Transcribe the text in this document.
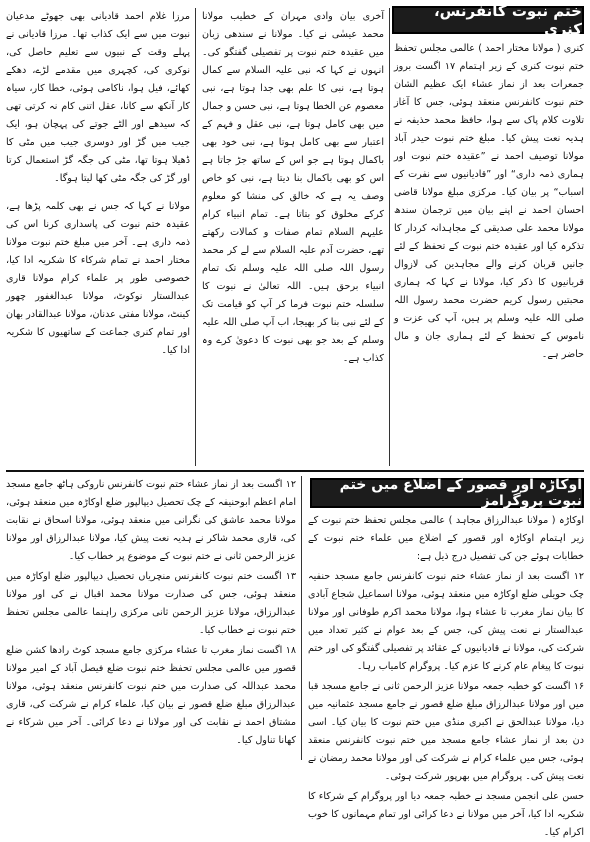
ختم نبوت کانفرنس، کنری

کنری ( مولانا مختار احمد ) عالمی مجلس تحفظ ختم نبوت کنری کے زیر اہتمام ۱۷ اگست بروز جمعرات بعد از نماز عشاء ایک عظیم الشان ختم نبوت کانفرنس منعقد ہوئی، جس کا آغاز تلاوت کلام پاک سے ہوا، حافظ محمد حذیفہ نے ہدیہ نعت پیش کیا۔ مبلغ ختم نبوت حیدر آباد مولانا توصیف احمد نے ”عقیدہ ختم نبوت اور ہماری ذمہ داری“ اور ”قادیانیوں سے نفرت کے اسباب“ پر بیان کیا۔ مرکزی مبلغ مولانا قاضی احسان احمد نے اپنے بیان میں ترجمان سندھ مولانا محمد علی صدیقی کے مجاہدانہ کردار کا تذکرہ کیا اور عقیدہ ختم نبوت کے تحفظ کے لئے جانیں قربان کرنے والے مجاہدین کی لازوال قربانیوں کا ذکر کیا، مولانا نے کہا کہ ہماری محبتیں رسول کریم حضرت محمد رسول اللہ صلی اللہ علیہ وسلم پر ہیں، آپ کی عزت و ناموس کے تحفظ کے لئے ہماری جان و مال حاضر ہے۔

آخری بیان وادی مہران کے خطیب مولانا محمد عیسٰی نے کیا۔ مولانا نے سندھی زبان میں عقیدہ ختم نبوت پر تفصیلی گفتگو کی۔ انہوں نے کہا کہ نبی علیہ السلام سے کمال ہوتا ہے، نبی کا علم بھی جدا ہوتا ہے، نبی معصوم عن الخطا ہوتا ہے، نبی حسن و جمال میں بھی کامل ہوتا ہے، نبی عقل و فہم کے اعتبار سے بھی کامل ہوتا ہے، نبی خود بھی باکمال ہوتا ہے جو اس کے ساتھ جڑ جاتا ہے اس کو بھی باکمال بنا دیتا ہے، نبی کو خاص وصف یہ ہے کہ خالق کی منشا کو معلوم کرکے مخلوق کو بتاتا ہے۔ تمام انبیاء کرام علیہم السلام تمام صفات و کمالات رکھتے تھے، حضرت آدم علیہ السلام سے لے کر محمد رسول اللہ صلی اللہ علیہ وسلم تک تمام انبیاء برحق ہیں۔ اللہ تعالیٰ نے نبوت کا سلسلہ ختم نبوت فرما کر آپ کو قیامت تک کے لئے نبی بنا کر بھیجا، اب آپ صلی اللہ علیہ وسلم کے بعد جو بھی نبوت کا دعویٰ کرے وہ کذاب ہے۔

مرزا غلام احمد قادیانی بھی جھوٹے مدعیان نبوت میں سے ایک کذاب تھا۔ مرزا قادیانی نے پہلے وقت کے نبیوں سے تعلیم حاصل کی، نوکری کی، کچہری میں مقدمے لڑے، دھکے کھائے، فیل ہوا، ناکامی ہوئی، خطا کار، سیاہ کار آنکھ سے کانا، عقل اتنی کام نہ کرتی تھی کہ سیدھے اور الٹے جوتے کی پہچان ہو، ایک جیب میں گڑ اور دوسری جیب میں مٹی کا ڈھیلا ہوتا تھا، مٹی کی جگہ گڑ استعمال کرتا اور گڑ کی جگہ مٹی کھا لیتا ہوگا۔

مولانا نے کہا کہ جس نے بھی کلمہ پڑھا ہے، عقیدہ ختم نبوت کی پاسداری کرنا اس کی ذمہ داری ہے۔ آخر میں مبلغ ختم نبوت مولانا مختار احمد نے تمام شرکاء کا شکریہ ادا کیا، خصوصی طور پر علماء کرام مولانا قاری عبدالستار نوکوٹ، مولانا عبدالغفور چھور کینٹ، مولانا مفتی عدنان، مولانا عبدالقادر بھان اور تمام کنری جماعت کے ساتھیوں کا شکریہ ادا کیا۔

اوکاڑہ اور قصور کے اضلاع میں ختم نبوت پروگرامز

اوکاڑہ ( مولانا عبدالرزاق مجاہد ) عالمی مجلس تحفظ ختم نبوت کے زیر اہتمام اوکاڑہ اور قصور کے اضلاع میں علماء ختم نبوت کے خطابات ہوئے جن کی تفصیل درج ذیل ہے:

۱۲ اگست بعد از نماز عشاء ختم نبوت کانفرنس جامع مسجد حنفیہ چک حویلی ضلع اوکاڑہ میں منعقد ہوئی، مولانا اسماعیل شجاع آبادی کا بیان نماز مغرب تا عشاء ہوا، مولانا محمد اکرم طوفانی اور مولانا عبدالستار نے نعت پیش کی، جس کے بعد عوام نے کثیر تعداد میں شرکت کی، مولانا نے قادیانیوں کے عقائد پر تفصیلی گفتگو کی اور ختم نبوت کا پیغام عام کرنے کا عزم کیا۔ پروگرام کامیاب رہا۔

۱۶ اگست کو خطبہ جمعہ مولانا عزیز الرحمن ثانی نے جامع مسجد قبا میں اور مولانا عبدالرزاق مبلغ ضلع قصور نے جامع مسجد عثمانیہ میں دیا، مولانا عبدالحق نے اکبری منڈی میں ختم نبوت کا بیان کیا۔ اسی دن بعد از نماز عشاء جامع مسجد میں ختم نبوت کانفرنس منعقد ہوئی، جس میں علماء کرام نے شرکت کی اور مولانا محمد رمضان نے نعت پیش کی۔ پروگرام میں بھرپور شرکت ہوئی۔

حسن علی انجمن مسجد نے خطبہ جمعہ دیا اور پروگرام کے شرکاء کا شکریہ ادا کیا، آخر میں مولانا نے دعا کرائی اور تمام مہمانوں کا خوب اکرام کیا۔

۱۲ اگست بعد از نماز عشاء ختم نبوت کانفرنس ناروکی ہاٹھ جامع مسجد امام اعظم ابوحنیفہ کے چک تحصیل دیپالپور ضلع اوکاڑہ میں منعقد ہوئی، مولانا محمد عاشق کی نگرانی میں منعقد ہوئی، مولانا اسحاق نے نقابت کی، قاری محمد شاکر نے ہدیہ نعت پیش کیا، مولانا عبدالرزاق اور مولانا عزیز الرحمن ثانی نے ختم نبوت کے موضوع پر خطاب کیا۔

۱۳ اگست ختم نبوت کانفرنس منچریاں تحصیل دیپالپور ضلع اوکاڑہ میں منعقد ہوئی، جس کی صدارت مولانا محمد اقبال نے کی اور مولانا عبدالرزاق، مولانا عزیز الرحمن ثانی مرکزی راہنما عالمی مجلس تحفظ ختم نبوت نے خطاب کیا۔

۱۸ اگست نماز مغرب تا عشاء مرکزی جامع مسجد کوٹ رادھا کشن ضلع قصور میں عالمی مجلس تحفظ ختم نبوت ضلع فیصل آباد کے امیر مولانا محمد عبداللہ کی صدارت میں ختم نبوت کانفرنس منعقد ہوئی، مولانا عبدالرزاق مبلغ ضلع قصور نے بیان کیا، علماء کرام نے شرکت کی، قاری مشتاق احمد نے نقابت کی اور مولانا نے دعا کرائی۔ آخر میں شرکاء نے کھانا تناول کیا۔
